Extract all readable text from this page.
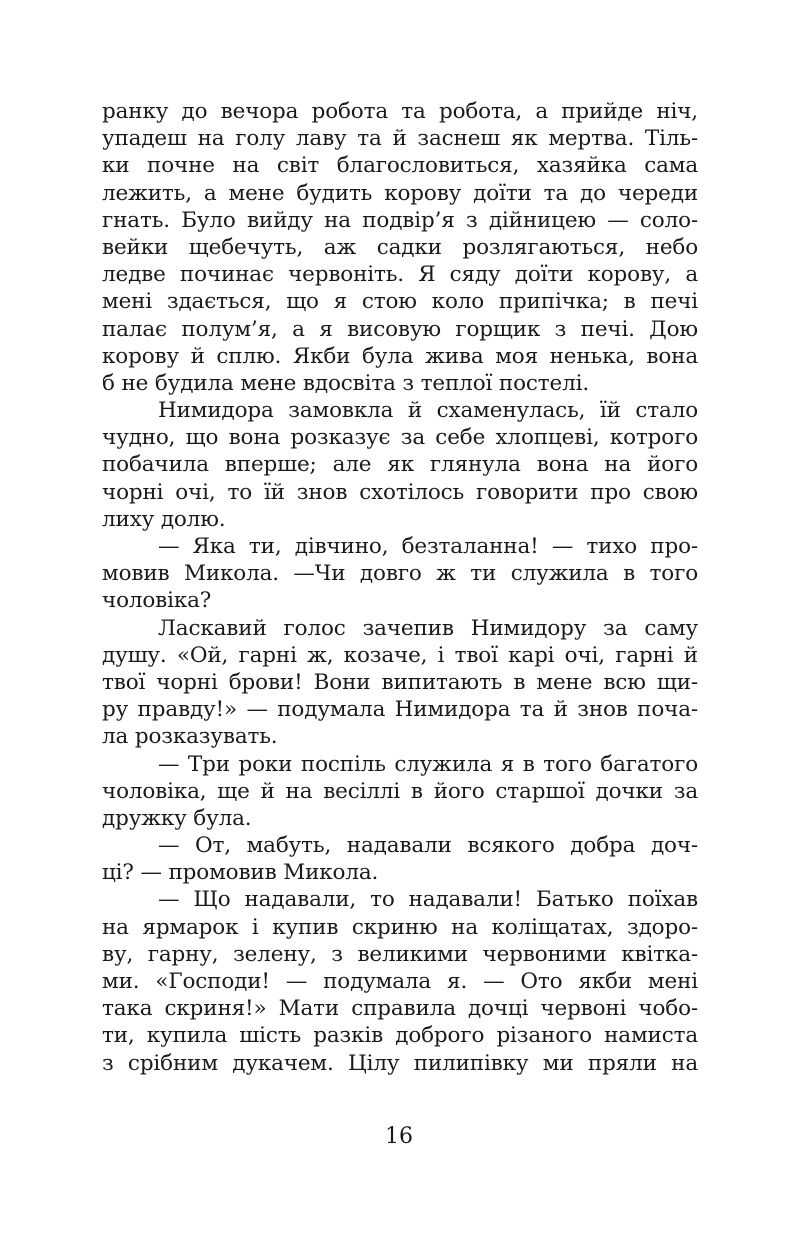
ранку до вечора робота та робота, а прийде ніч,
упадеш на голу лаву та й заснеш як мертва. Тіль-
ки почне на світ благословиться, хазяйка сама
лежить, а мене будить корову доїти та до череди
гнать. Було вийду на подвір’я з дійницею — соло-
вейки щебечуть, аж садки розлягаються, небо
ледве починає червоніть. Я сяду доїти корову, а
мені здається, що я стою коло припічка; в печі
палає полум’я, а я висовую горщик з печі. Дою
корову й сплю. Якби була жива моя ненька, вона
б не будила мене вдосвіта з теплої постелі.
Нимидора замовкла й схаменулась, їй стало
чудно, що вона розказує за себе хлопцеві, котрого
побачила вперше; але як глянула вона на його
чорні очі, то їй знов схотілось говорити про свою
лиху долю.
— Яка ти, дівчино, безталанна! — тихо про-
мовив Микола. —Чи довго ж ти служила в того
чоловіка?
Ласкавий голос зачепив Нимидору за саму
душу. «Ой, гарні ж, козаче, і твої карі очі, гарні й
твої чорні брови! Вони випитають в мене всю щи-
ру правду!» — подумала Нимидора та й знов поча-
ла розказувать.
— Три роки поспіль служила я в того багатого
чоловіка, ще й на весіллі в його старшої дочки за
дружку була.
— От, мабуть, надавали всякого добра доч-
ці? — промовив Микола.
— Що надавали, то надавали! Батько поїхав
на ярмарок і купив скриню на коліщатах, здоро-
ву, гарну, зелену, з великими червоними квітка-
ми. «Господи! — подумала я. — Ото якби мені
така скриня!» Мати справила дочці червоні чобо-
ти, купила шість разків доброго різаного намиста
з срібним дукачем. Цілу пилипівку ми пряли на
16
